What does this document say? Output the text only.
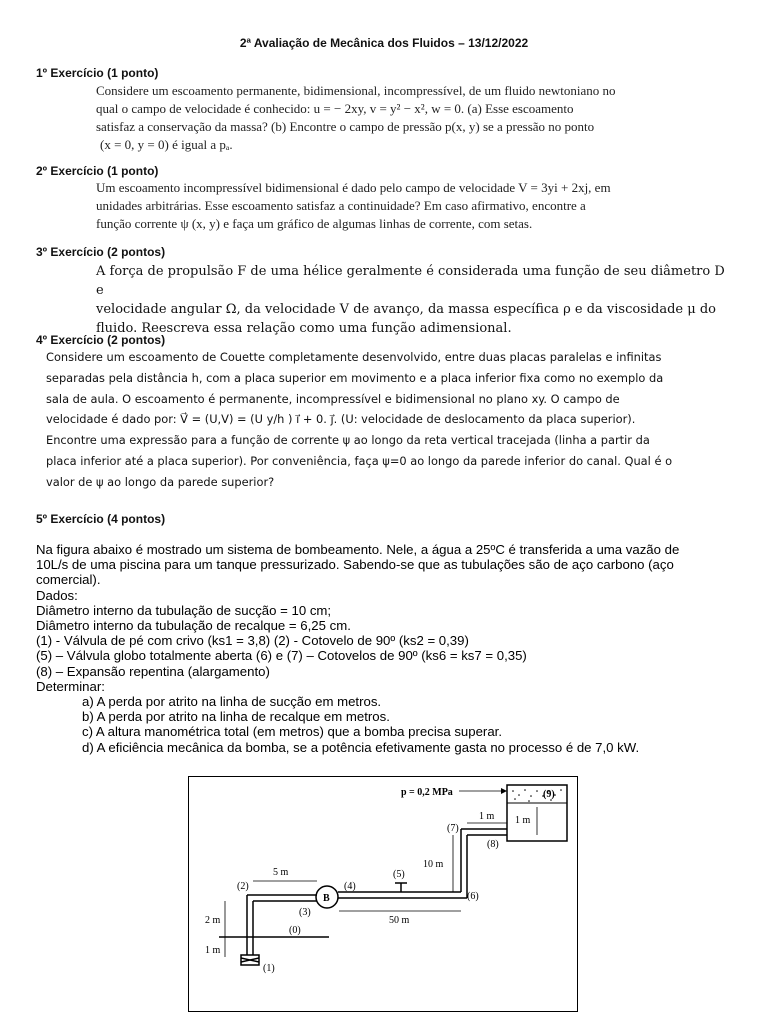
2ª Avaliação de Mecânica dos Fluidos – 13/12/2022
1º Exercício (1 ponto)

Considere um escoamento permanente, bidimensional, incompressível, de um fluido newtoniano no

qual o campo de velocidade é conhecido: u = − 2xy, v = y² − x², w = 0. (a) Esse escoamento

satisfaz a conservação da massa? (b) Encontre o campo de pressão p(x, y) se a pressão no ponto

(x = 0, y = 0) é igual a pₐ.

2º Exercício (1 ponto)

Um escoamento incompressível bidimensional é dado pelo campo de velocidade V = 3yi + 2xj, em

unidades arbitrárias. Esse escoamento satisfaz a continuidade? Em caso afirmativo, encontre a

função corrente ψ (x, y) e faça um gráfico de algumas linhas de corrente, com setas.

3º Exercício (2 pontos)

A força de propulsão F de uma hélice geralmente é considerada uma função de seu diâmetro D e

velocidade angular Ω, da velocidade V de avanço, da massa específica ρ e da viscosidade μ do

fluido. Reescreva essa relação como uma função adimensional.

4º Exercício (2 pontos)

Considere um escoamento de Couette completamente desenvolvido, entre duas placas paralelas e infinitas

separadas pela distância h, com a placa superior em movimento e a placa inferior fixa como no exemplo da

sala de aula. O escoamento é permanente, incompressível e bidimensional no plano xy. O campo de

velocidade é dado por: V⃗ = (U,V) = (U y/h ) i⃗ + 0. j⃗. (U: velocidade de deslocamento da placa superior).

Encontre uma expressão para a função de corrente ψ ao longo da reta vertical tracejada (linha a partir da

placa inferior até a placa superior). Por conveniência, faça ψ=0 ao longo da parede inferior do canal. Qual é o

valor de ψ ao longo da parede superior?

5º Exercício (4 pontos)

Na figura abaixo é mostrado um sistema de bombeamento. Nele, a água a 25ºC é transferida a uma vazão de

10L/s de uma piscina para um tanque pressurizado. Sabendo-se que as tubulações são de aço carbono (aço

comercial).

Dados:

Diâmetro interno da tubulação de sucção = 10 cm;

Diâmetro interno da tubulação de recalque = 6,25 cm.

(1) - Válvula de pé com crivo (ks1 = 3,8) (2) - Cotovelo de 90º (ks2 = 0,39)

(5) – Válvula globo totalmente aberta (6) e (7) – Cotovelos de 90º (ks6 = ks7 = 0,35)

(8) – Expansão repentina (alargamento)

Determinar:

a) A perda por atrito na linha de sucção em metros.

b) A perda por atrito na linha de recalque em metros.

c) A altura manométrica total (em metros) que a bomba precisa superar.

d) A eficiência mecânica da bomba, se a potência efetivamente gasta no processo é de 7,0 kW.

p = 0,2 MPa	(9)
1 m 1 m
(7)
(8)
10 m
5 m	(5)
(2)	(4)
B	(6)
(3)
50 m
2 m
(0)
1 m
(1)
